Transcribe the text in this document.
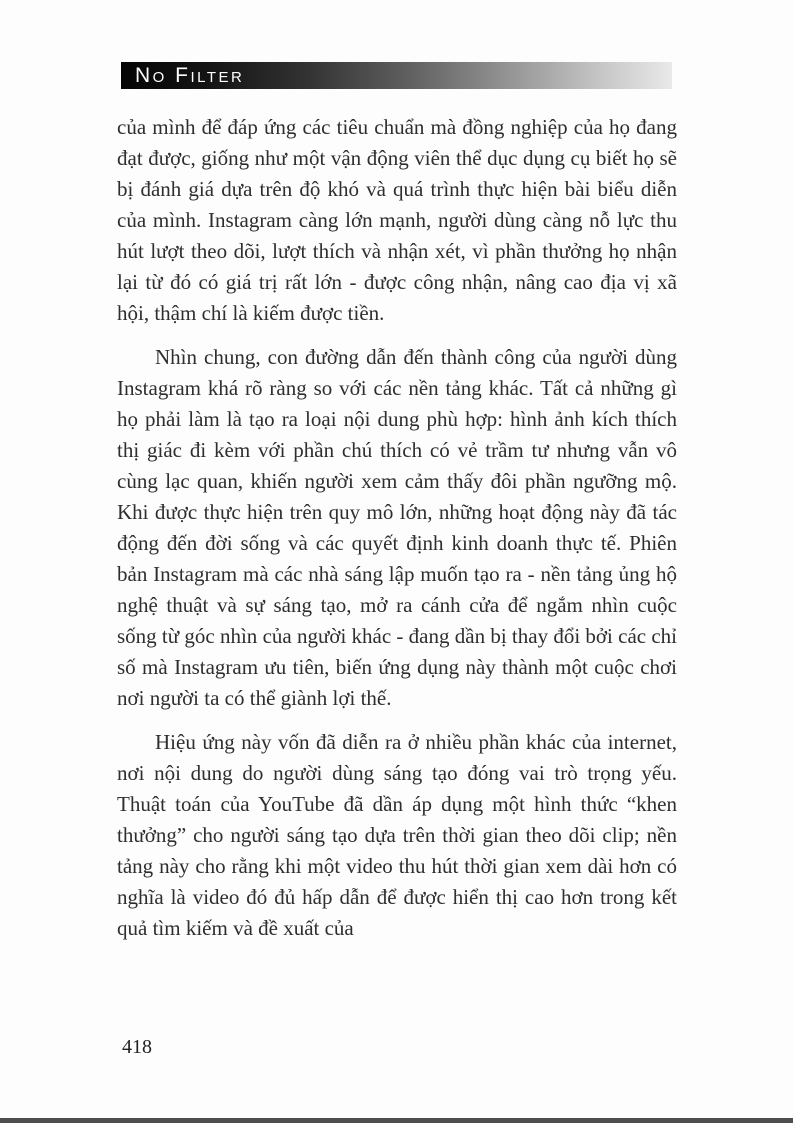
No Filter

của mình để đáp ứng các tiêu chuẩn mà đồng nghiệp của họ đang đạt được, giống như một vận động viên thể dục dụng cụ biết họ sẽ bị đánh giá dựa trên độ khó và quá trình thực hiện bài biểu diễn của mình. Instagram càng lớn mạnh, người dùng càng nỗ lực thu hút lượt theo dõi, lượt thích và nhận xét, vì phần thưởng họ nhận lại từ đó có giá trị rất lớn - được công nhận, nâng cao địa vị xã hội, thậm chí là kiếm được tiền.

Nhìn chung, con đường dẫn đến thành công của người dùng Instagram khá rõ ràng so với các nền tảng khác. Tất cả những gì họ phải làm là tạo ra loại nội dung phù hợp: hình ảnh kích thích thị giác đi kèm với phần chú thích có vẻ trầm tư nhưng vẫn vô cùng lạc quan, khiến người xem cảm thấy đôi phần ngưỡng mộ. Khi được thực hiện trên quy mô lớn, những hoạt động này đã tác động đến đời sống và các quyết định kinh doanh thực tế. Phiên bản Instagram mà các nhà sáng lập muốn tạo ra - nền tảng ủng hộ nghệ thuật và sự sáng tạo, mở ra cánh cửa để ngắm nhìn cuộc sống từ góc nhìn của người khác - đang dần bị thay đổi bởi các chỉ số mà Instagram ưu tiên, biến ứng dụng này thành một cuộc chơi nơi người ta có thể giành lợi thế.

Hiệu ứng này vốn đã diễn ra ở nhiều phần khác của internet, nơi nội dung do người dùng sáng tạo đóng vai trò trọng yếu. Thuật toán của YouTube đã dần áp dụng một hình thức “khen thưởng” cho người sáng tạo dựa trên thời gian theo dõi clip; nền tảng này cho rằng khi một video thu hút thời gian xem dài hơn có nghĩa là video đó đủ hấp dẫn để được hiển thị cao hơn trong kết quả tìm kiếm và đề xuất của

418
